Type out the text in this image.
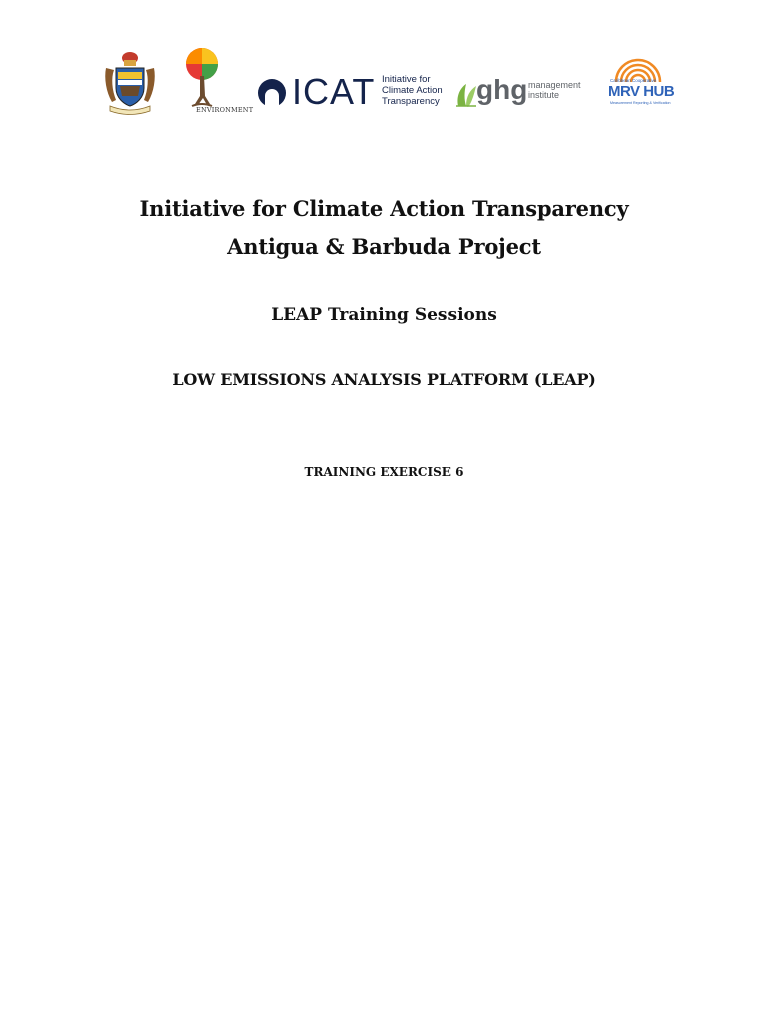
ENVIRONMENT ICAT Initiative for
Climate Action
Transparency ghg management
institute
Caribbean Cooperative
MRV HUB
Measurement Reporting & Verification
Initiative for Climate Action Transparency
Antigua & Barbuda Project
LEAP Training Sessions
LOW EMISSIONS ANALYSIS PLATFORM (LEAP)
TRAINING EXERCISE 6
